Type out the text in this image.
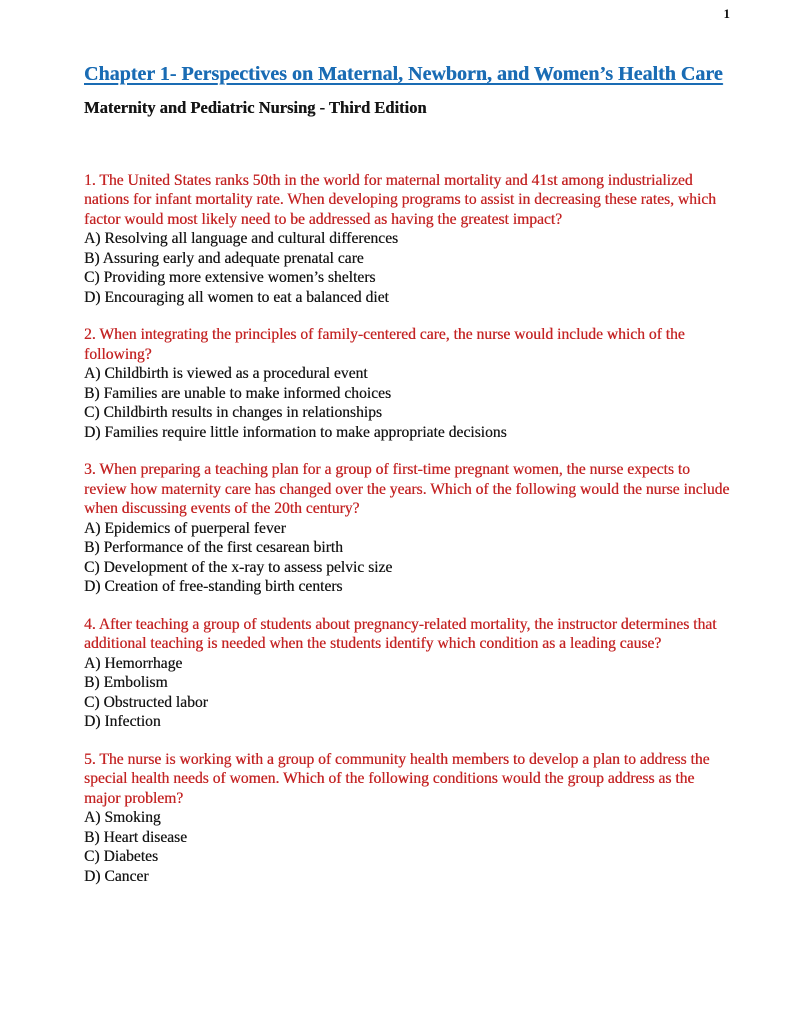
1
Chapter 1- Perspectives on Maternal, Newborn, and Women’s Health Care
Maternity and Pediatric Nursing - Third Edition

1. The United States ranks 50th in the world for maternal mortality and 41st among industrialized nations for infant mortality rate. When developing programs to assist in decreasing these rates, which factor would most likely need to be addressed as having the greatest impact?

A) Resolving all language and cultural differences

B) Assuring early and adequate prenatal care

C) Providing more extensive women’s shelters

D) Encouraging all women to eat a balanced diet

2. When integrating the principles of family-centered care, the nurse would include which of the following?

A) Childbirth is viewed as a procedural event

B) Families are unable to make informed choices

C) Childbirth results in changes in relationships

D) Families require little information to make appropriate decisions

3. When preparing a teaching plan for a group of first-time pregnant women, the nurse expects to review how maternity care has changed over the years. Which of the following would the nurse include when discussing events of the 20th century?

A) Epidemics of puerperal fever

B) Performance of the first cesarean birth

C) Development of the x-ray to assess pelvic size

D) Creation of free-standing birth centers

4. After teaching a group of students about pregnancy-related mortality, the instructor determines that additional teaching is needed when the students identify which condition as a leading cause?

A) Hemorrhage

B) Embolism

C) Obstructed labor

D) Infection

5. The nurse is working with a group of community health members to develop a plan to address the special health needs of women. Which of the following conditions would the group address as the major problem?

A) Smoking

B) Heart disease

C) Diabetes

D) Cancer
